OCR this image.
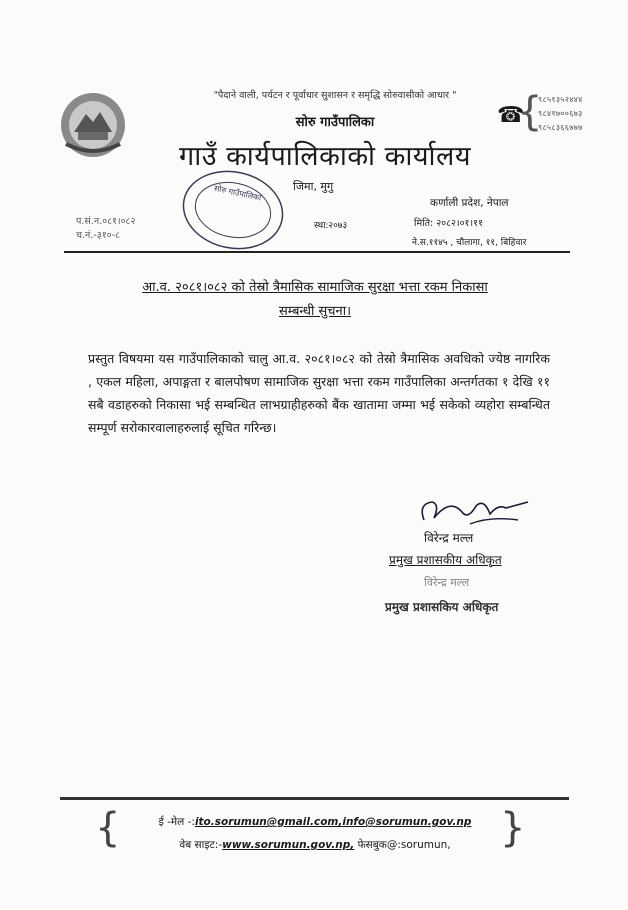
"पैदाने वाली, पर्यटन र पूर्वाधार सुशासन र समृद्धि सोरुवासीको आधार "
सोरु गाउँपालिका
गाउँ कार्यपालिकाको कार्यालय
जिमा, मुगु
कर्णाली प्रदेश, नेपाल
☎
{
९८५१३५२४४४
९८४१७००६७३
९८५८३६६७७७
सोरु गाउँपालिका
प.सं.न.०८१।०८२
च.नं.-३१०-८
स्था:२०७३	मिति: २०८२।०१।११
ने.स.११४५ , चौलागा, ११, बिहिवार
आ.व. २०८१।०८२ को तेस्रो त्रैमासिक सामाजिक सुरक्षा भत्ता रकम निकासा
सम्बन्धी सुचना।
प्रस्तुत विषयमा यस गाउँपालिकाको चालु आ.व. २०८१।०८२ को तेस्रो त्रैमासिक अवधिको ज्येष्ठ नागरिक , एकल महिला, अपाङ्गता र बालपोषण सामाजिक सुरक्षा भत्ता रकम गाउँपालिका अन्तर्गतका १ देखि ११ सबै वडाहरुको निकासा भई सम्बन्धित लाभग्राहीहरुको बैंक खातामा जम्मा भई सकेको व्यहोरा सम्बन्धित सम्पूर्ण सरोकारवालाहरुलाई सूचित गरिन्छ।
विरेन्द्र मल्ल
प्रमुख प्रशासकीय अधिकृत
विरेन्द्र मल्ल
प्रमुख प्रशासकिय अधिकृत
{	}
ई -मेल -:ito.sorumun@gmail.com,info@sorumun.gov.np
वेब साइट:-www.sorumun.gov.np, फेसबुक@:sorumun,
